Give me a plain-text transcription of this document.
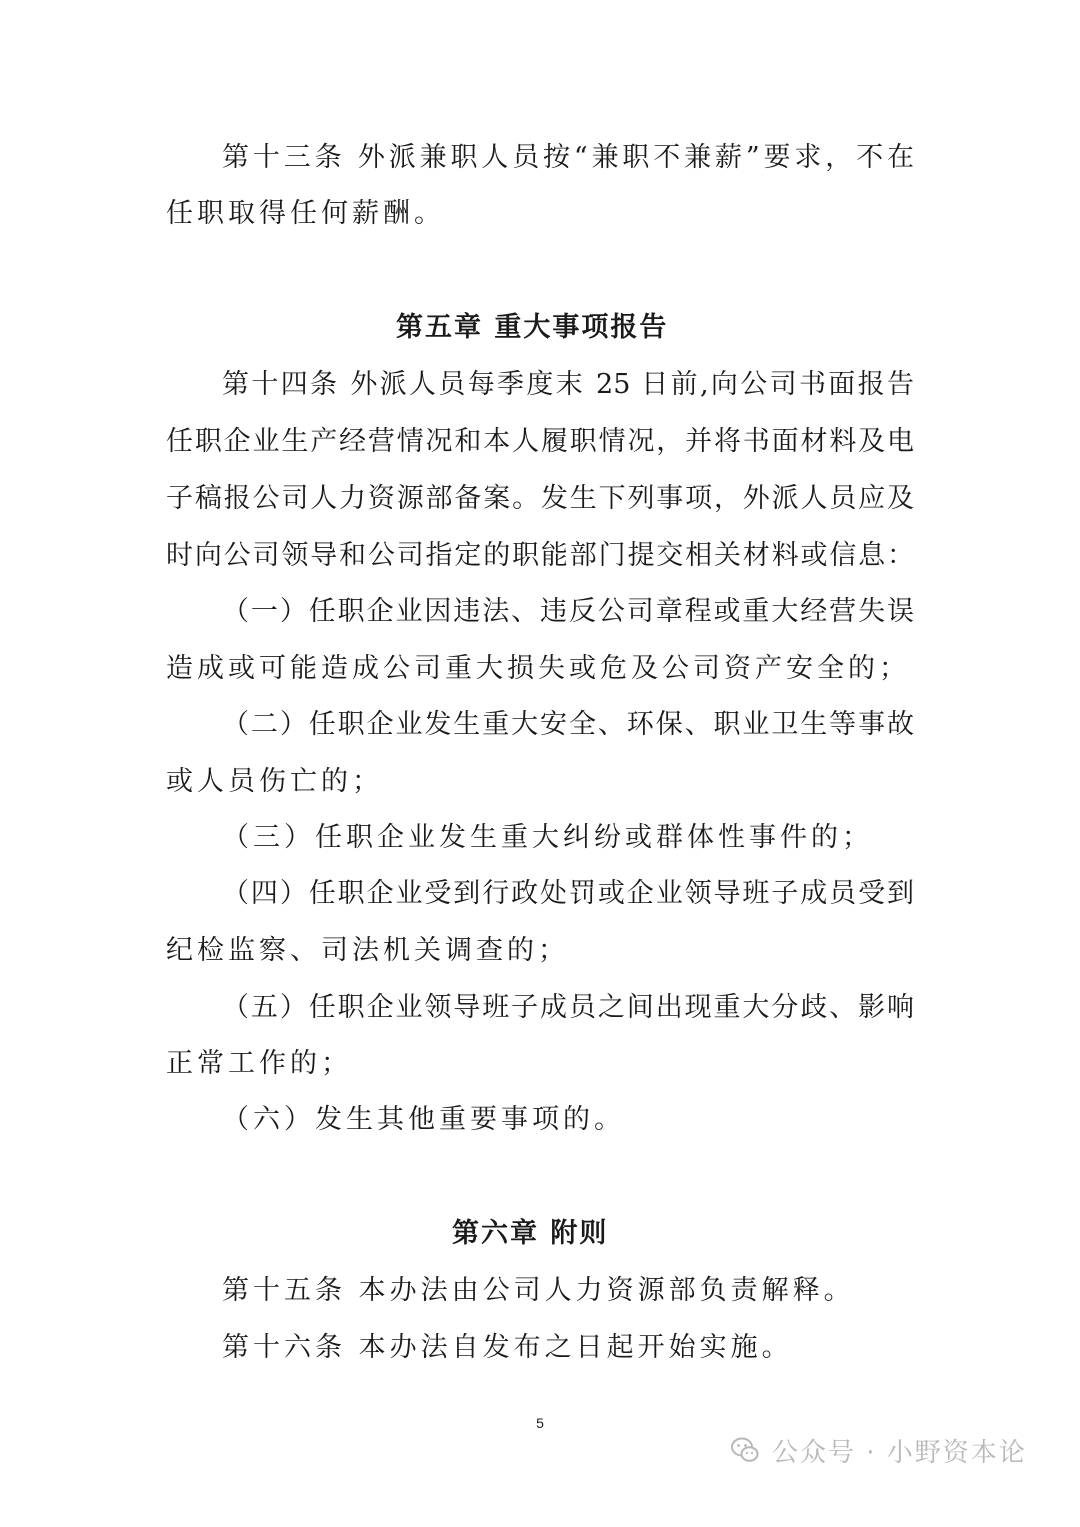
第十三条 外派兼职人员按“兼职不兼薪”要求，不在
任职取得任何薪酬。
第五章 重大事项报告
第十四条 外派人员每季度末 25 日前,向公司书面报告
任职企业生产经营情况和本人履职情况，并将书面材料及电
子稿报公司人力资源部备案。发生下列事项，外派人员应及
时向公司领导和公司指定的职能部门提交相关材料或信息：
（一）任职企业因违法、违反公司章程或重大经营失误
造成或可能造成公司重大损失或危及公司资产安全的；
（二）任职企业发生重大安全、环保、职业卫生等事故
或人员伤亡的；
（三）任职企业发生重大纠纷或群体性事件的；
（四）任职企业受到行政处罚或企业领导班子成员受到
纪检监察、司法机关调查的；
（五）任职企业领导班子成员之间出现重大分歧、影响
正常工作的；
（六）发生其他重要事项的。
第六章 附则
第十五条 本办法由公司人力资源部负责解释。
第十六条 本办法自发布之日起开始实施。
5
公众号 · 小野资本论
